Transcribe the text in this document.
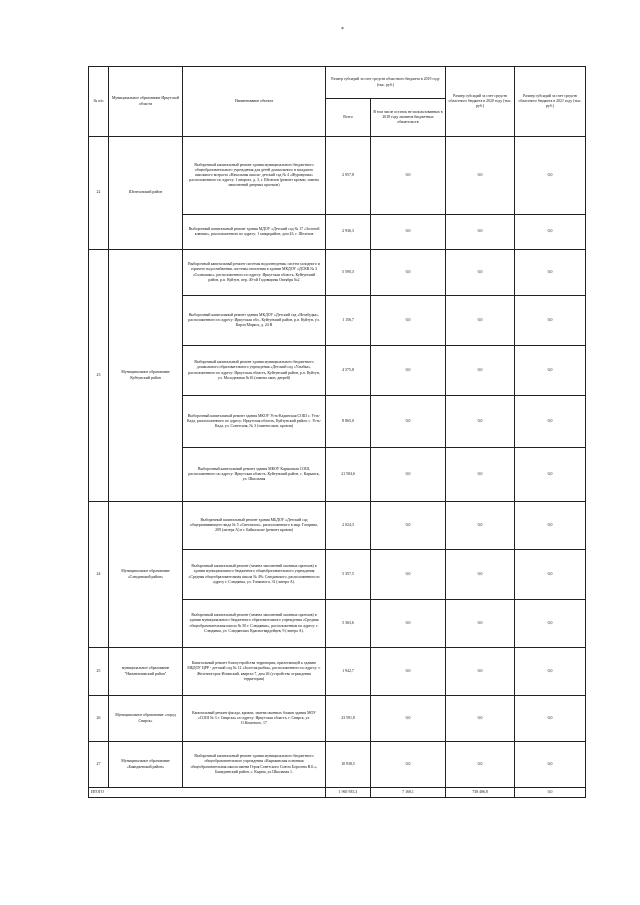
*
№ п/п	Муниципальное образование Иркутской области	Наименование объекта	Размер субсидий за счет средств областного бюджета в 2019 году (тыс. руб.)		Размер субсидий за счет средств областного бюджета в 2020 году (тыс. руб.)	Размер субсидий за счет средств областного бюджета в 2021 году (тыс. руб.)
			Всего	В том числе остаток не использованных в 2018 году лимитов бюджетных обязательств		
22	Шелеховский район	Выборочный капитальный ремонт здания муниципального бюджетного общеобразовательного учреждения для детей дошкольного и младшего школьного возраста «Начальная школа- детский сад № 4 «Журавушка» расположенного по адресу: 1 квартал, д. 3, г. Шелехов (ремонт кровли, замена наполнений дверных проемов)	2 957,8	0,0	0,0	0,0
		Выборочный капитальный ремонт здания МДОУ «Детский сад № 17 «Золотой ключик», расположенного по адресу: 1 микрорайон, дом 43, г. Шелехов	2 936,3	0,0	0,0	0,0
23	Муниципальное образование Куйтунский район	Выборочный капитальный ремонт системы водоотведения, систем холодного и горячего водоснабжения, системы отопления в здании МКДОУ «ДСКВ № 3 «Солнышко», расположенного по адресу: Иркутская область, Куйтунский район, р.п. Куйтун, пер. 40-ой Годовщины Октября №2	5 590,3	0,0	0,0	0,0
		Выборочный капитальный ремонт здания МКДОУ «Детский сад «Незабудка», расположенного по адресу: Иркутская обл., Куйтунский район, р.п. Куйтун, ул. Карла Маркса, д. 24 В	1 156,7	0,0	0,0	0,0
		Выборочный капитальный ремонт здания муниципального бюджетного дошкольного образовательного учреждения «Детский сад «Улыбка», расположенного по адресу: Иркутская область, Куйтунский район, р.п. Куйтун, ул. Молодежная №16 (замена окон, дверей)	4 575,8	0,0	0,0	0,0
		Выборочный капитальный ремонт здания МКОУ Усть-Кадинская СОШ с. Усть-Када, расположенного по адресу: Иркутская область, Куйтунский район, с. Усть-Када, ул. Советская, № 3 (замена окон, кровли)	8 865,0	0,0	0,0	0,0
		Выборочный капитальный ремонт здания МКОУ Карымская СОШ, расположенного по адресу: Иркутская область, Куйтунский район, с. Карымск, ул. Школьная	21 584,6	0,0	0,0	0,0
24	Муниципальное образование «Слюдянский район»	Выборочный капитальный ремонт здания МБДОУ «Детский сад общеразвивающего вида № 5 «Светлячок», расположенного в мкр. Гагарина, 209 (литера А) в г. Байкальске (ремонт кровли)	2 024,3	0,0	0,0	0,0
		Выборочный капитальный ремонт (замена заполнений оконных проемов) в здании муниципального бюджетного общеобразовательного учреждения «Средняя общеобразовательная школа № 49» Слюдянского, расположенном по адресу г. Слюдянка, ул. Тонконога, 31 (литера А).	5 357,5	0,0	0,0	0,0
		Выборочный капитальный ремонт (замена заполнений оконных проемов) в здании муниципального бюджетного образовательного учреждения «Средняя общеобразовательная школа № 50 г. Слюдянки», расположенном по адресу: г. Слюдянка, ул. Слюдянских Красногвардейцев, 9 (литера А).	5 363,6	0,0	0,0	0,0
25	муниципальное образование "Нижнеилимский район"	Капитальный ремонт благоустройства территории, прилегающей к зданию МБДОУ ЦРР - детский сад № 12 «Золотая рыбка», расположенного по адресу: г. Железногорск-Илимский, квартал 7, дом 26 (устройство ограждения территории)	1 942,7	0,0	0,0	0,0
26	Муниципальное образование «город Свирск»	Капитальный ремонт фасада, кровли, замена оконных блоков здания МОУ «СОШ № 3 г. Свирска» по адресу: Иркутская область, г. Свирск, ул. О.Кошевого, 17	23 591,8	0,0	0,0	0,0
27	Муниципальное образование «Баяндаевский район»	Выборочный капитальный ремонт здания муниципального бюджетного общеобразовательного учреждения «Кырмынская основная общеобразовательная школа имени Героя Советского Союза Борсоева В.Б.», Баяндаевский район, с. Кырма, ул.Школьная 1.	10 938,5	0,0	0,0	0,0
ИТОГО			1 965 935,3	7 168,1	738 486,8	0,0
